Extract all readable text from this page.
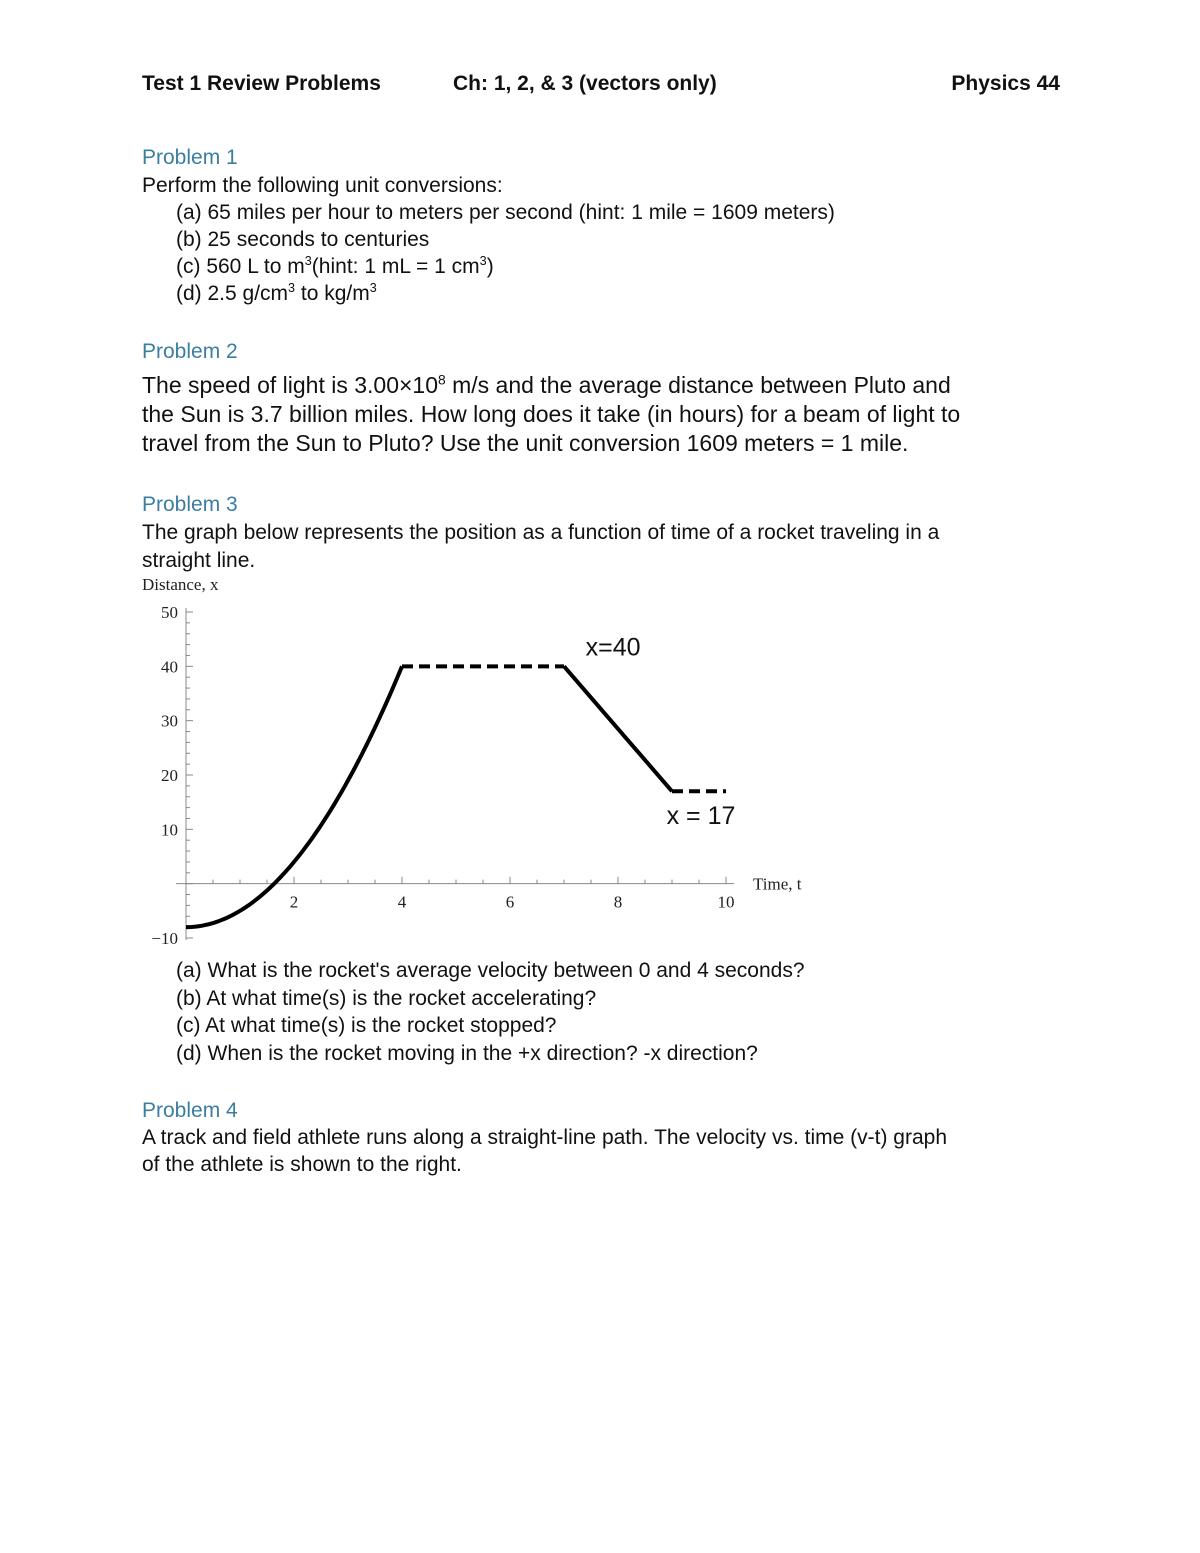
Test 1 Review Problems	Ch: 1, 2, & 3 (vectors only)	Physics 44
Problem 1
Perform the following unit conversions:
(a) 65 miles per hour to meters per second (hint: 1 mile = 1609 meters)
(b) 25 seconds to centuries
(c) 560 L to $m^3(hint$: 1 mL = 1 $cm^3$)
(d) 2.5 $g/cm^3$ to $kg/m^3$
Problem 2
The speed of light is $3.00\times 10^8$ m/s and the average distance between Pluto and
the Sun is 3.7 billion miles. How long does it take (in hours) for a beam of light to
travel from the Sun to Pluto? Use the unit conversion 1609 meters = 1 mile.
Problem 3
The graph below represents the position as a function of time of a rocket traveling in a
straight line.
Distance, x
2	4	6	8	10
50
40
30
20
10
−10
Time, t
x=40
x = 17
(a) What is the rocket's average velocity between 0 and 4 seconds?
(b) At what time(s) is the rocket accelerating?
(c) At what time(s) is the rocket stopped?
(d) When is the rocket moving in the +x direction? -x direction?
Problem 4
A track and field athlete runs along a straight-line path. The velocity vs. time (v-t) graph
of the athlete is shown to the right.
